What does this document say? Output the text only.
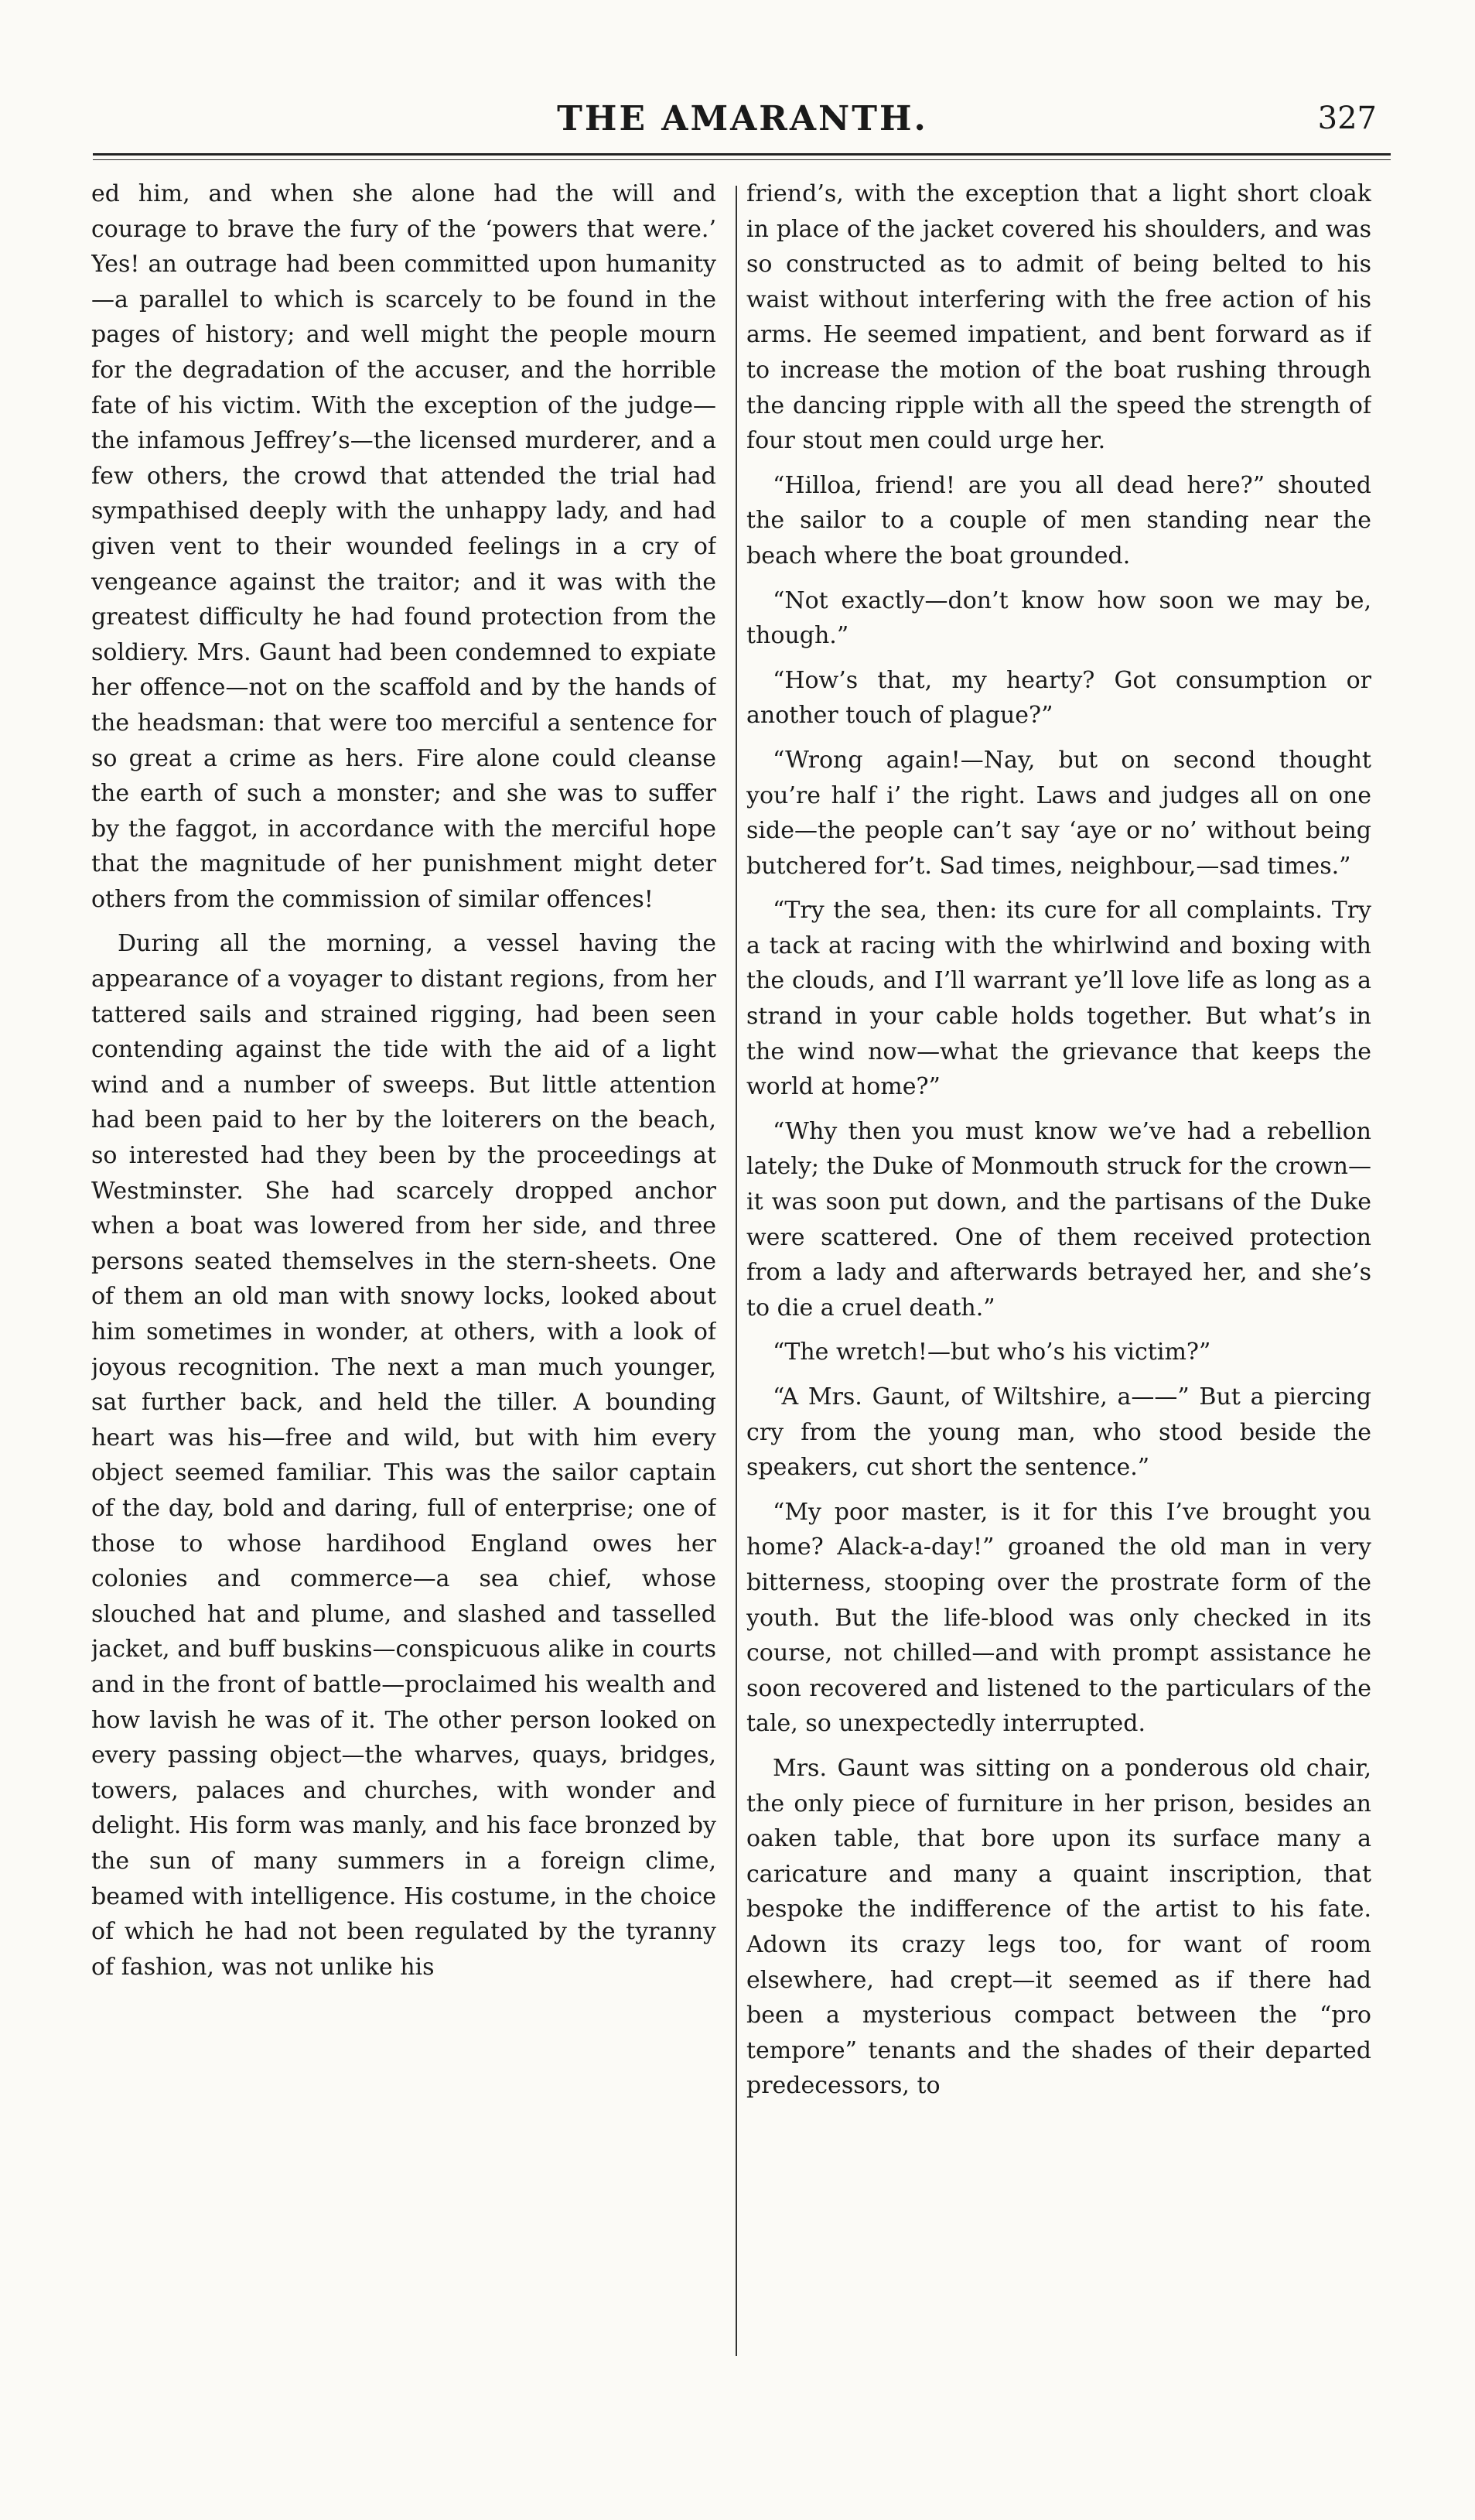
THE AMARANTH.	327

ed him, and when she alone had the will and courage to brave the fury of the ‘powers that were.’ Yes! an outrage had been committed upon humanity—a parallel to which is scarcely to be found in the pages of history; and well might the people mourn for the degradation of the accuser, and the horrible fate of his victim. With the exception of the judge—the infamous Jeffrey’s—the licensed murderer, and a few others, the crowd that attended the trial had sympathised deeply with the unhappy lady, and had given vent to their wounded feelings in a cry of vengeance against the traitor; and it was with the greatest difficulty he had found protection from the soldiery. Mrs. Gaunt had been condemned to expiate her offence—not on the scaffold and by the hands of the headsman: that were too merciful a sentence for so great a crime as hers. Fire alone could cleanse the earth of such a monster; and she was to suffer by the faggot, in accordance with the merciful hope that the magnitude of her punishment might deter others from the commission of similar offences!

During all the morning, a vessel having the appearance of a voyager to distant regions, from her tattered sails and strained rigging, had been seen contending against the tide with the aid of a light wind and a number of sweeps. But little attention had been paid to her by the loiterers on the beach, so interested had they been by the proceedings at Westminster. She had scarcely dropped anchor when a boat was lowered from her side, and three persons seated themselves in the stern-sheets. One of them an old man with snowy locks, looked about him sometimes in wonder, at others, with a look of joyous recognition. The next a man much younger, sat further back, and held the tiller. A bounding heart was his—free and wild, but with him every object seemed familiar. This was the sailor captain of the day, bold and daring, full of enterprise; one of those to whose hardihood England owes her colonies and commerce—a sea chief, whose slouched hat and plume, and slashed and tasselled jacket, and buff buskins—conspicuous alike in courts and in the front of battle—proclaimed his wealth and how lavish he was of it. The other person looked on every passing object—the wharves, quays, bridges, towers, palaces and churches, with wonder and delight. His form was manly, and his face bronzed by the sun of many summers in a foreign clime, beamed with intelligence. His costume, in the choice of which he had not been regulated by the tyranny of fashion, was not unlike his

friend’s, with the exception that a light short cloak in place of the jacket covered his shoulders, and was so constructed as to admit of being belted to his waist without interfering with the free action of his arms. He seemed impatient, and bent forward as if to increase the motion of the boat rushing through the dancing ripple with all the speed the strength of four stout men could urge her.

“Hilloa, friend! are you all dead here?” shouted the sailor to a couple of men standing near the beach where the boat grounded.

“Not exactly—don’t know how soon we may be, though.”

“How’s that, my hearty? Got consumption or another touch of plague?”

“Wrong again!—Nay, but on second thought you’re half i’ the right. Laws and judges all on one side—the people can’t say ‘aye or no’ without being butchered for’t. Sad times, neighbour,—sad times.”

“Try the sea, then: its cure for all complaints. Try a tack at racing with the whirlwind and boxing with the clouds, and I’ll warrant ye’ll love life as long as a strand in your cable holds together. But what’s in the wind now—what the grievance that keeps the world at home?”

“Why then you must know we’ve had a rebellion lately; the Duke of Monmouth struck for the crown—it was soon put down, and the partisans of the Duke were scattered. One of them received protection from a lady and afterwards betrayed her, and she’s to die a cruel death.”

“The wretch!—but who’s his victim?”

“A Mrs. Gaunt, of Wiltshire, a——” But a piercing cry from the young man, who stood beside the speakers, cut short the sentence.”

“My poor master, is it for this I’ve brought you home? Alack-a-day!” groaned the old man in very bitterness, stooping over the prostrate form of the youth. But the life-blood was only checked in its course, not chilled—and with prompt assistance he soon recovered and listened to the particulars of the tale, so unexpectedly interrupted.

Mrs. Gaunt was sitting on a ponderous old chair, the only piece of furniture in her prison, besides an oaken table, that bore upon its surface many a caricature and many a quaint inscription, that bespoke the indifference of the artist to his fate. Adown its crazy legs too, for want of room elsewhere, had crept—it seemed as if there had been a mysterious compact between the “pro tempore” tenants and the shades of their departed predecessors, to
